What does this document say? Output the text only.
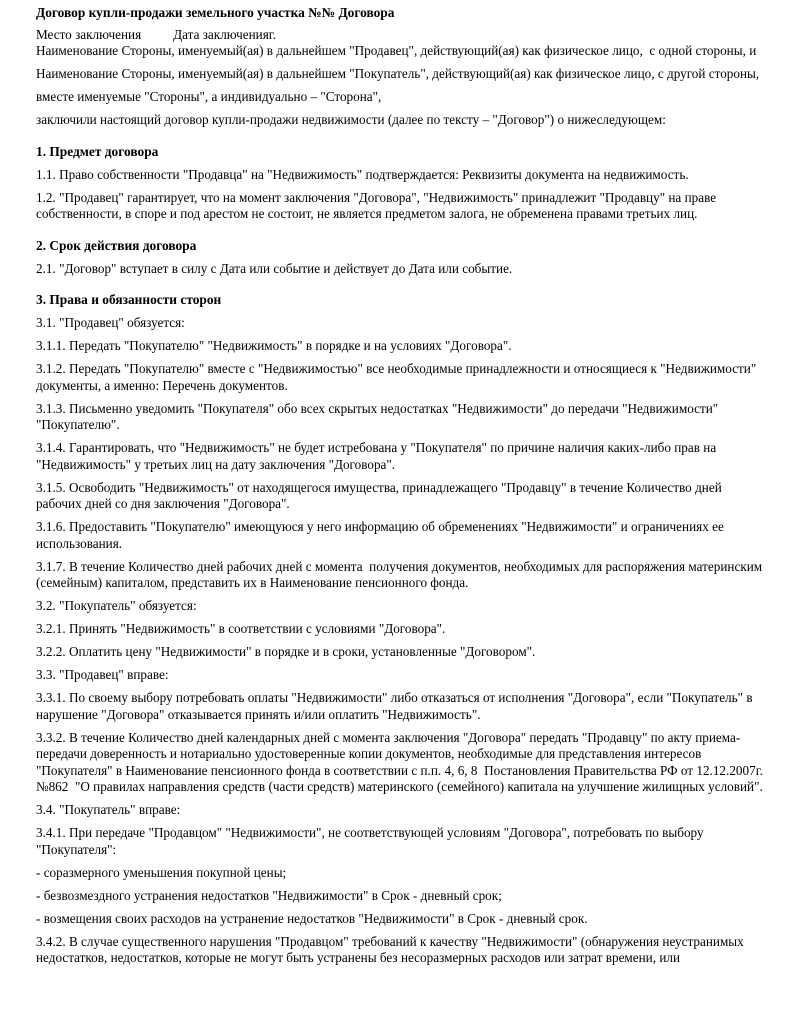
Договор купли-продажи земельного участка №№ Договора

Место заключения Дата заключенияг.
Наименование Стороны, именуемый(ая) в дальнейшем "Продавец", действующий(ая) как физическое лицо,  с одной стороны, и

Наименование Стороны, именуемый(ая) в дальнейшем "Покупатель", действующий(ая) как физическое лицо, с другой стороны,

вместе именуемые "Стороны", а индивидуально – "Сторона",

заключили настоящий договор купли-продажи недвижимости (далее по тексту – "Договор") о нижеследующем:

1. Предмет договора

1.1. Право собственности "Продавца" на "Недвижимость" подтверждается: Реквизиты документа на недвижимость.

1.2. "Продавец" гарантирует, что на момент заключения "Договора", "Недвижимость" принадлежит "Продавцу" на праве собственности, в споре и под арестом не состоит, не является предметом залога, не обременена правами третьих лиц.

2. Срок действия договора

2.1. "Договор" вступает в силу с Дата или событие и действует до Дата или событие.

3. Права и обязанности сторон

3.1. "Продавец" обязуется:

3.1.1. Передать "Покупателю" "Недвижимость" в порядке и на условиях "Договора".

3.1.2. Передать "Покупателю" вместе с "Недвижимостью" все необходимые принадлежности и относящиеся к "Недвижимости" документы, а именно: Перечень документов.

3.1.3. Письменно уведомить "Покупателя" обо всех скрытых недостатках "Недвижимости" до передачи "Недвижимости" "Покупателю".

3.1.4. Гарантировать, что "Недвижимость" не будет истребована у "Покупателя" по причине наличия каких-либо прав на "Недвижимость" у третьих лиц на дату заключения "Договора".

3.1.5. Освободить "Недвижимость" от находящегося имущества, принадлежащего "Продавцу" в течение Количество дней рабочих дней со дня заключения "Договора".

3.1.6. Предоставить "Покупателю" имеющуюся у него информацию об обременениях "Недвижимости" и ограничениях ее использования.

3.1.7. В течение Количество дней рабочих дней с момента  получения документов, необходимых для распоряжения материнским (семейным) капиталом, представить их в Наименование пенсионного фонда.

3.2. "Покупатель" обязуется:

3.2.1. Принять "Недвижимость" в соответствии с условиями "Договора".

3.2.2. Оплатить цену "Недвижимости" в порядке и в сроки, установленные "Договором".

3.3. "Продавец" вправе:

3.3.1. По своему выбору потребовать оплаты "Недвижимости" либо отказаться от исполнения "Договора", если "Покупатель" в нарушение "Договора" отказывается принять и/или оплатить "Недвижимость".

3.3.2. В течение Количество дней календарных дней с момента заключения "Договора" передать "Продавцу" по акту приема-передачи доверенность и нотариально удостоверенные копии документов, необходимые для представления интересов "Покупателя" в Наименование пенсионного фонда в соответствии с п.п. 4, 6, 8  Постановления Правительства РФ от 12.12.2007г. №862  "О правилах направления средств (части средств) материнского (семейного) капитала на улучшение жилищных условий".

3.4. "Покупатель" вправе:

3.4.1. При передаче "Продавцом" "Недвижимости", не соответствующей условиям "Договора", потребовать по выбору "Покупателя":

- соразмерного уменьшения покупной цены;

- безвозмездного устранения недостатков "Недвижимости" в Срок - дневный срок;

- возмещения своих расходов на устранение недостатков "Недвижимости" в Срок - дневный срок.

3.4.2. В случае существенного нарушения "Продавцом" требований к качеству "Недвижимости" (обнаружения неустранимых недостатков, недостатков, которые не могут быть устранены без несоразмерных расходов или затрат времени, или
